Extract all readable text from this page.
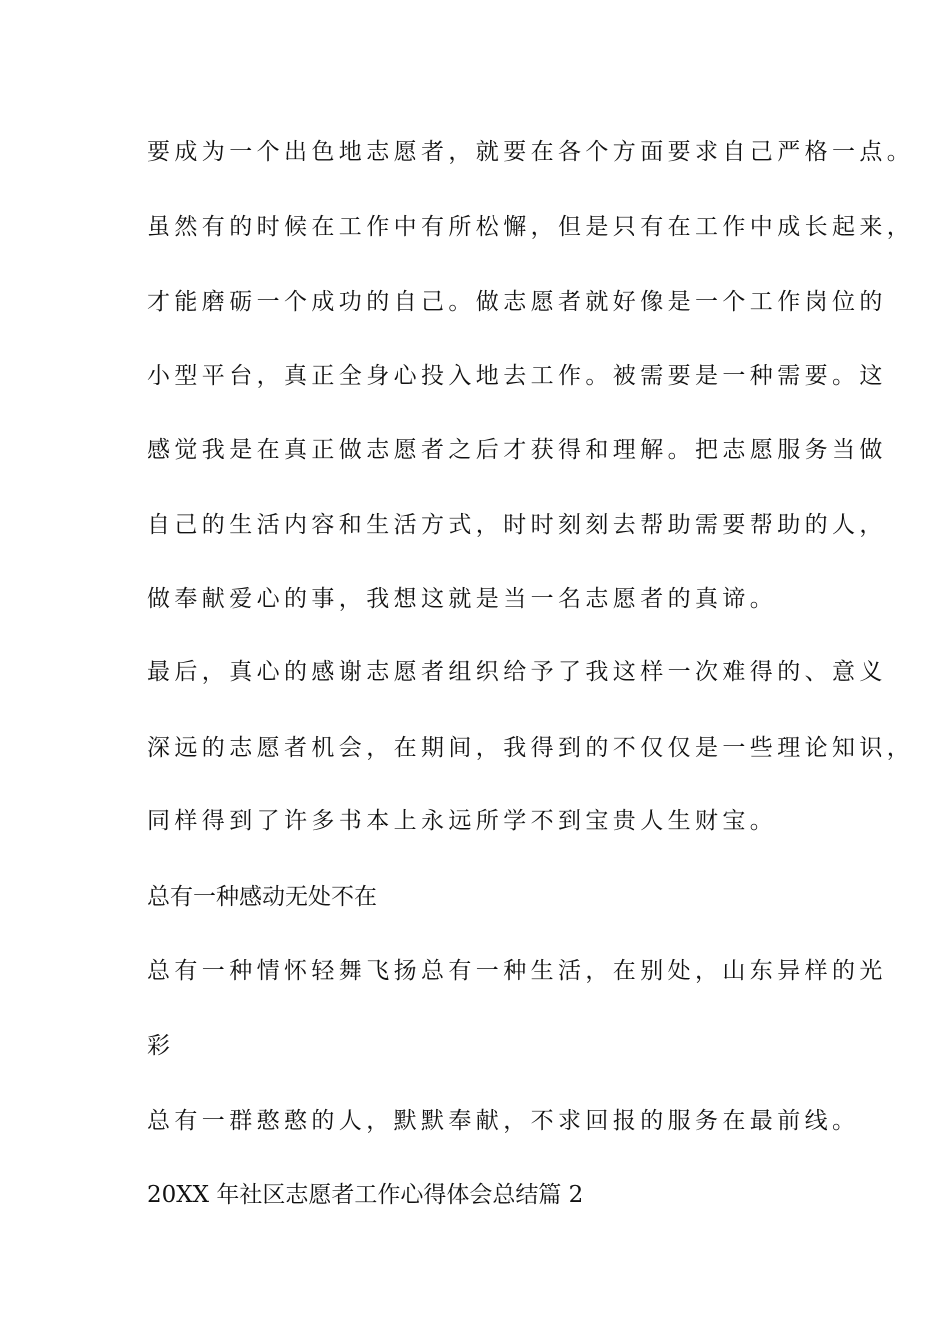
要成为一个出色地志愿者，就要在各个方面要求自己严格一点。

虽然有的时候在工作中有所松懈，但是只有在工作中成长起来，

才能磨砺一个成功的自己。做志愿者就好像是一个工作岗位的

小型平台，真正全身心投入地去工作。被需要是一种需要。这

感觉我是在真正做志愿者之后才获得和理解。把志愿服务当做

自己的生活内容和生活方式，时时刻刻去帮助需要帮助的人，

做奉献爱心的事，我想这就是当一名志愿者的真谛。

最后，真心的感谢志愿者组织给予了我这样一次难得的、意义

深远的志愿者机会，在期间，我得到的不仅仅是一些理论知识，

同样得到了许多书本上永远所学不到宝贵人生财宝。

总有一种感动无处不在

总有一种情怀轻舞飞扬总有一种生活，在别处，山东异样的光

彩

总有一群憨憨的人，默默奉献，不求回报的服务在最前线。

20XX 年社区志愿者工作心得体会总结篇 2
